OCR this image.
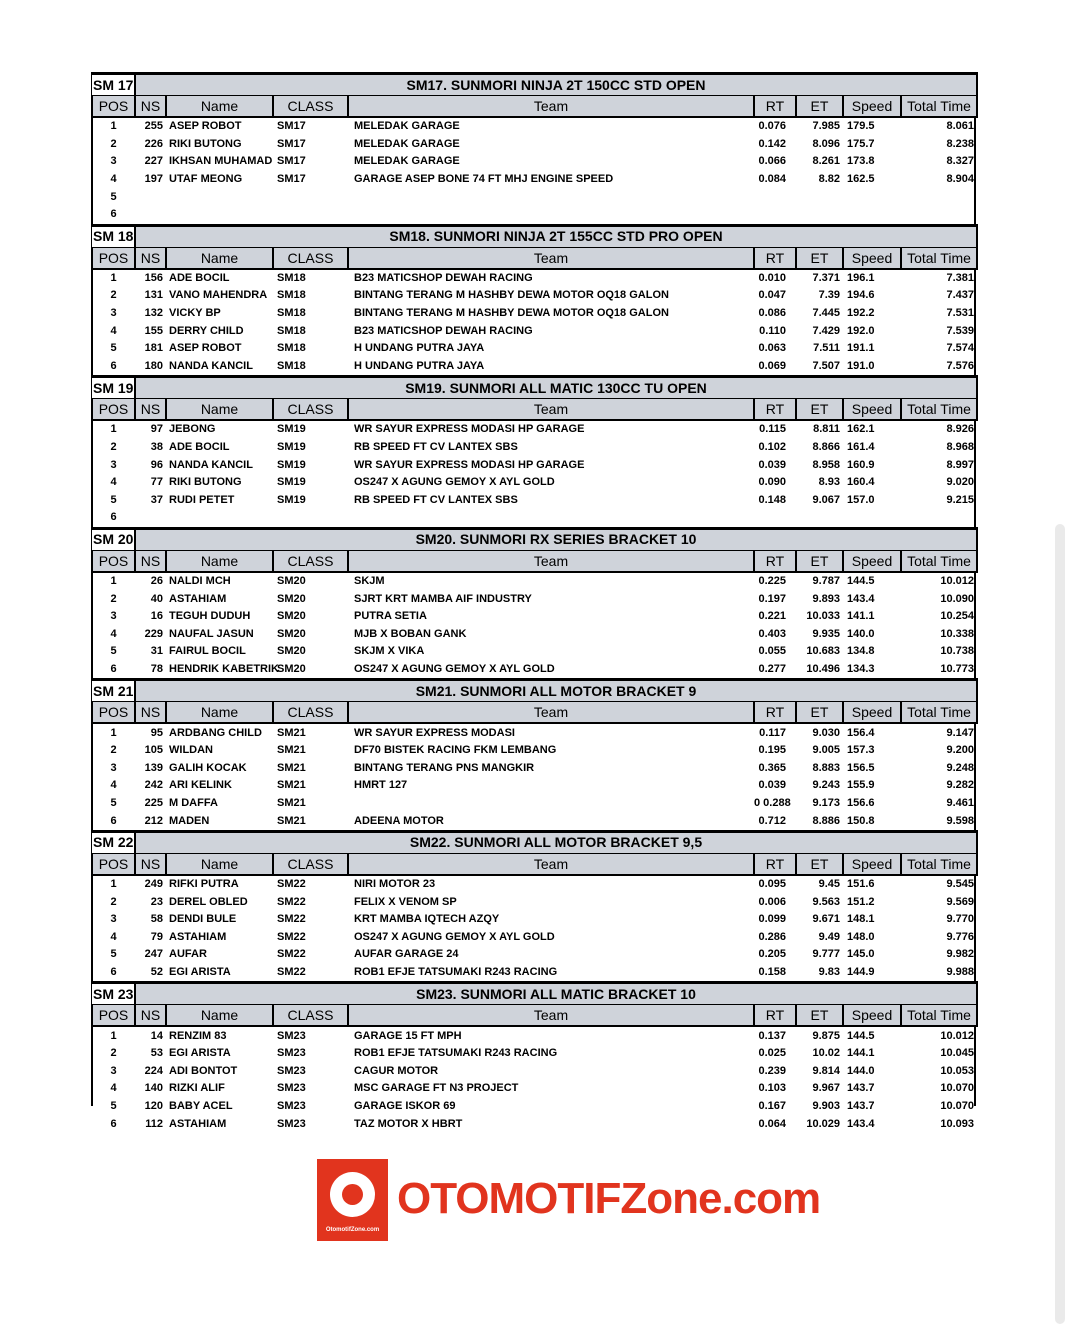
SM 17	SM17. SUNMORI NINJA 2T 150CC STD OPEN							
POS	NS	Name	CLASS	Team	RT	ET	Speed	Total Time
1	255	ASEP ROBOT	SM17	MELEDAK GARAGE	0.076	7.985	179.5	8.061
2	226	RIKI BUTONG	SM17	MELEDAK GARAGE	0.142	8.096	175.7	8.238
3	227	IKHSAN MUHAMAD	SM17	MELEDAK GARAGE	0.066	8.261	173.8	8.327
4	197	UTAF MEONG	SM17	GARAGE ASEP BONE 74 FT MHJ ENGINE SPEED	0.084	8.82	162.5	8.904
5								
6								
SM 18	SM18. SUNMORI NINJA 2T 155CC STD PRO OPEN							
POS	NS	Name	CLASS	Team	RT	ET	Speed	Total Time
1	156	ADE BOCIL	SM18	B23 MATICSHOP DEWAH RACING	0.010	7.371	196.1	7.381
2	131	VANO MAHENDRA	SM18	BINTANG TERANG M HASHBY DEWA MOTOR OQ18 GALON	0.047	7.39	194.6	7.437
3	132	VICKY BP	SM18	BINTANG TERANG M HASHBY DEWA MOTOR OQ18 GALON	0.086	7.445	192.2	7.531
4	155	DERRY CHILD	SM18	B23 MATICSHOP DEWAH RACING	0.110	7.429	192.0	7.539
5	181	ASEP ROBOT	SM18	H UNDANG PUTRA JAYA	0.063	7.511	191.1	7.574
6	180	NANDA KANCIL	SM18	H UNDANG PUTRA JAYA	0.069	7.507	191.0	7.576
SM 19	SM19. SUNMORI ALL MATIC 130CC TU OPEN							
POS	NS	Name	CLASS	Team	RT	ET	Speed	Total Time
1	97	JEBONG	SM19	WR SAYUR EXPRESS MODASI HP GARAGE	0.115	8.811	162.1	8.926
2	38	ADE BOCIL	SM19	RB SPEED FT CV LANTEX SBS	0.102	8.866	161.4	8.968
3	96	NANDA KANCIL	SM19	WR SAYUR EXPRESS MODASI HP GARAGE	0.039	8.958	160.9	8.997
4	77	RIKI BUTONG	SM19	OS247 X AGUNG GEMOY X AYL GOLD	0.090	8.93	160.4	9.020
5	37	RUDI PETET	SM19	RB SPEED FT CV LANTEX SBS	0.148	9.067	157.0	9.215
6								
SM 20	SM20. SUNMORI RX SERIES BRACKET 10							
POS	NS	Name	CLASS	Team	RT	ET	Speed	Total Time
1	26	NALDI MCH	SM20	SKJM	0.225	9.787	144.5	10.012
2	40	ASTAHIAM	SM20	SJRT KRT MAMBA AIF INDUSTRY	0.197	9.893	143.4	10.090
3	16	TEGUH DUDUH	SM20	PUTRA SETIA	0.221	10.033	141.1	10.254
4	229	NAUFAL JASUN	SM20	MJB X BOBAN GANK	0.403	9.935	140.0	10.338
5	31	FAIRUL BOCIL	SM20	SKJM X VIKA	0.055	10.683	134.8	10.738
6	78	HENDRIK KABETRIK	SM20	OS247 X AGUNG GEMOY X AYL GOLD	0.277	10.496	134.3	10.773
SM 21	SM21. SUNMORI ALL MOTOR BRACKET 9							
POS	NS	Name	CLASS	Team	RT	ET	Speed	Total Time
1	95	ARDBANG CHILD	SM21	WR SAYUR EXPRESS MODASI	0.117	9.030	156.4	9.147
2	105	WILDAN	SM21	DF70 BISTEK RACING FKM LEMBANG	0.195	9.005	157.3	9.200
3	139	GALIH KOCAK	SM21	BINTANG TERANG PNS MANGKIR	0.365	8.883	156.5	9.248
4	242	ARI KELINK	SM21	HMRT 127	0.039	9.243	155.9	9.282
5	225	M DAFFA	SM21		0 0.288	9.173	156.6	9.461
6	212	MADEN	SM21	ADEENA MOTOR	0.712	8.886	150.8	9.598
SM 22	SM22. SUNMORI ALL MOTOR BRACKET 9,5							
POS	NS	Name	CLASS	Team	RT	ET	Speed	Total Time
1	249	RIFKI PUTRA	SM22	NIRI MOTOR 23	0.095	9.45	151.6	9.545
2	23	DEREL OBLED	SM22	FELIX X VENOM SP	0.006	9.563	151.2	9.569
3	58	DENDI BULE	SM22	KRT MAMBA IQTECH AZQY	0.099	9.671	148.1	9.770
4	79	ASTAHIAM	SM22	OS247 X AGUNG GEMOY X AYL GOLD	0.286	9.49	148.0	9.776
5	247	AUFAR	SM22	AUFAR GARAGE 24	0.205	9.777	145.0	9.982
6	52	EGI ARISTA	SM22	ROB1 EFJE TATSUMAKI R243 RACING	0.158	9.83	144.9	9.988
SM 23	SM23. SUNMORI ALL MATIC BRACKET 10							
POS	NS	Name	CLASS	Team	RT	ET	Speed	Total Time
1	14	RENZIM 83	SM23	GARAGE 15 FT MPH	0.137	9.875	144.5	10.012
2	53	EGI ARISTA	SM23	ROB1 EFJE TATSUMAKI R243 RACING	0.025	10.02	144.1	10.045
3	224	ADI BONTOT	SM23	CAGUR MOTOR	0.239	9.814	144.0	10.053
4	140	RIZKI ALIF	SM23	MSC GARAGE FT N3 PROJECT	0.103	9.967	143.7	10.070
5	120	BABY ACEL	SM23	GARAGE ISKOR 69	0.167	9.903	143.7	10.070
6	112	ASTAHIAM	SM23	TAZ MOTOR X HBRT	0.064	10.029	143.4	10.093
OtomotifZone.com
OTOMOTIFZone.com
